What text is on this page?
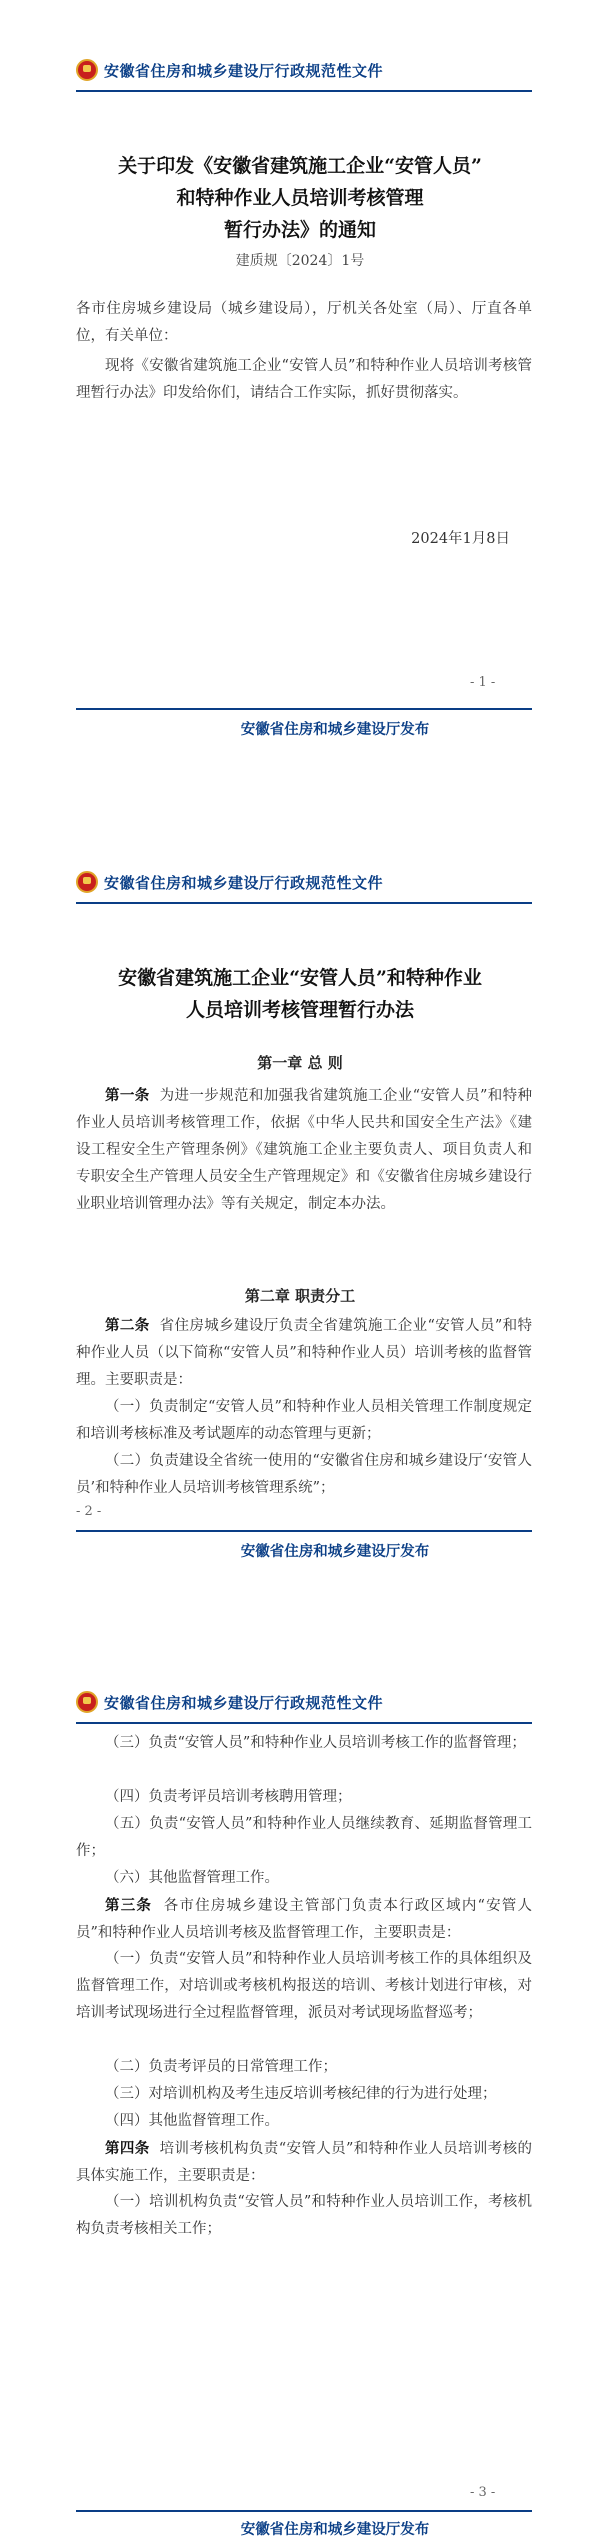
安徽省住房和城乡建设厅行政规范性文件
关于印发《安徽省建筑施工企业“安管人员”
和特种作业人员培训考核管理
暂行办法》的通知
建质规〔2024〕1号
各市住房城乡建设局（城乡建设局），厅机关各处室（局）、厅直各单位，有关单位：
现将《安徽省建筑施工企业“安管人员”和特种作业人员培训考核管理暂行办法》印发给你们，请结合工作实际，抓好贯彻落实。
2024年1月8日
- 1 -
安徽省住房和城乡建设厅发布
安徽省住房和城乡建设厅行政规范性文件
安徽省建筑施工企业“安管人员”和特种作业
人员培训考核管理暂行办法
第一章 总 则
第一条 为进一步规范和加强我省建筑施工企业“安管人员”和特种作业人员培训考核管理工作，依据《中华人民共和国安全生产法》《建设工程安全生产管理条例》《建筑施工企业主要负责人、项目负责人和专职安全生产管理人员安全生产管理规定》和《安徽省住房城乡建设行业职业培训管理办法》等有关规定，制定本办法。
第二章 职责分工
第二条 省住房城乡建设厅负责全省建筑施工企业“安管人员”和特种作业人员（以下简称“安管人员”和特种作业人员）培训考核的监督管理。主要职责是：
（一）负责制定“安管人员”和特种作业人员相关管理工作制度规定和培训考核标准及考试题库的动态管理与更新；
（二）负责建设全省统一使用的“安徽省住房和城乡建设厅‘安管人员’和特种作业人员培训考核管理系统”；
- 2 -
安徽省住房和城乡建设厅发布
安徽省住房和城乡建设厅行政规范性文件
（三）负责“安管人员”和特种作业人员培训考核工作的监督管理；
（四）负责考评员培训考核聘用管理；
（五）负责“安管人员”和特种作业人员继续教育、延期监督管理工作；
（六）其他监督管理工作。
第三条 各市住房城乡建设主管部门负责本行政区域内“安管人员”和特种作业人员培训考核及监督管理工作，主要职责是：
（一）负责“安管人员”和特种作业人员培训考核工作的具体组织及监督管理工作，对培训或考核机构报送的培训、考核计划进行审核，对培训考试现场进行全过程监督管理，派员对考试现场监督巡考；
（二）负责考评员的日常管理工作；
（三）对培训机构及考生违反培训考核纪律的行为进行处理；
（四）其他监督管理工作。
第四条 培训考核机构负责“安管人员”和特种作业人员培训考核的具体实施工作，主要职责是：
（一）培训机构负责“安管人员”和特种作业人员培训工作，考核机构负责考核相关工作；
- 3 -
安徽省住房和城乡建设厅发布
